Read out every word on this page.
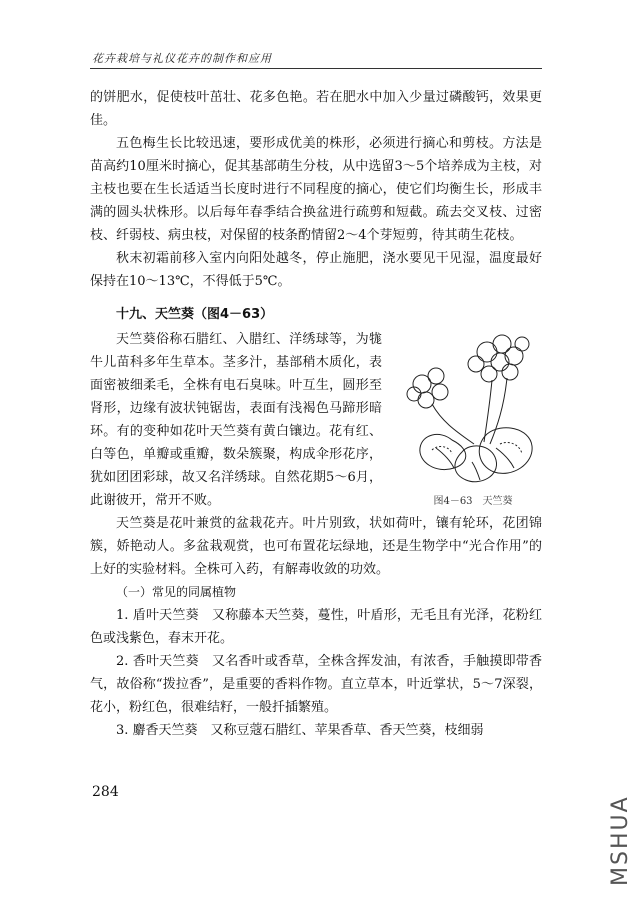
花卉栽培与礼仪花卉的制作和应用

的饼肥水，促使枝叶茁壮、花多色艳。若在肥水中加入少量过磷酸钙，效果更佳。

五色梅生长比较迅速，要形成优美的株形，必须进行摘心和剪枝。方法是苗高约10厘米时摘心，促其基部萌生分枝，从中选留3～5个培养成为主枝，对主枝也要在生长适适当长度时进行不同程度的摘心，使它们均衡生长，形成丰满的圆头状株形。以后每年春季结合换盆进行疏剪和短截。疏去交叉枝、过密枝、纤弱枝、病虫枝，对保留的枝条酌情留2～4个芽短剪，待其萌生花枝。

秋末初霜前移入室内向阳处越冬，停止施肥，浇水要见干见湿，温度最好保持在10～13℃，不得低于5℃。

十九、天竺葵（图4－63）

图4－63　天竺葵

天竺葵俗称石腊红、入腊红、洋绣球等，为牻牛儿苗科多年生草本。茎多汁，基部稍木质化，表面密被细柔毛，全株有电石臭味。叶互生，圆形至肾形，边缘有波状钝锯齿，表面有浅褐色马蹄形暗环。有的变种如花叶天竺葵有黄白镶边。花有红、白等色，单瓣或重瓣，数朵簇聚，构成伞形花序，犹如团团彩球，故又名洋绣球。自然花期5～6月，此谢彼开，常开不败。

天竺葵是花叶兼赏的盆栽花卉。叶片别致，状如荷叶，镶有轮环，花团锦簇，娇艳动人。多盆栽观赏，也可布置花坛绿地，还是生物学中“光合作用”的上好的实验材料。全株可入药，有解毒收敛的功效。

（一）常见的同属植物

1. 盾叶天竺葵　又称藤本天竺葵，蔓性，叶盾形，无毛且有光泽，花粉红色或浅紫色，春末开花。

2. 香叶天竺葵　又名香叶或香草，全株含挥发油，有浓香，手触摸即带香气，故俗称“拨拉香”，是重要的香料作物。直立草本，叶近掌状，5～7深裂，花小，粉红色，很难结籽，一般扦插繁殖。

3. 麝香天竺葵　又称豆蔻石腊红、苹果香草、香天竺葵，枝细弱

284
MSHUA
